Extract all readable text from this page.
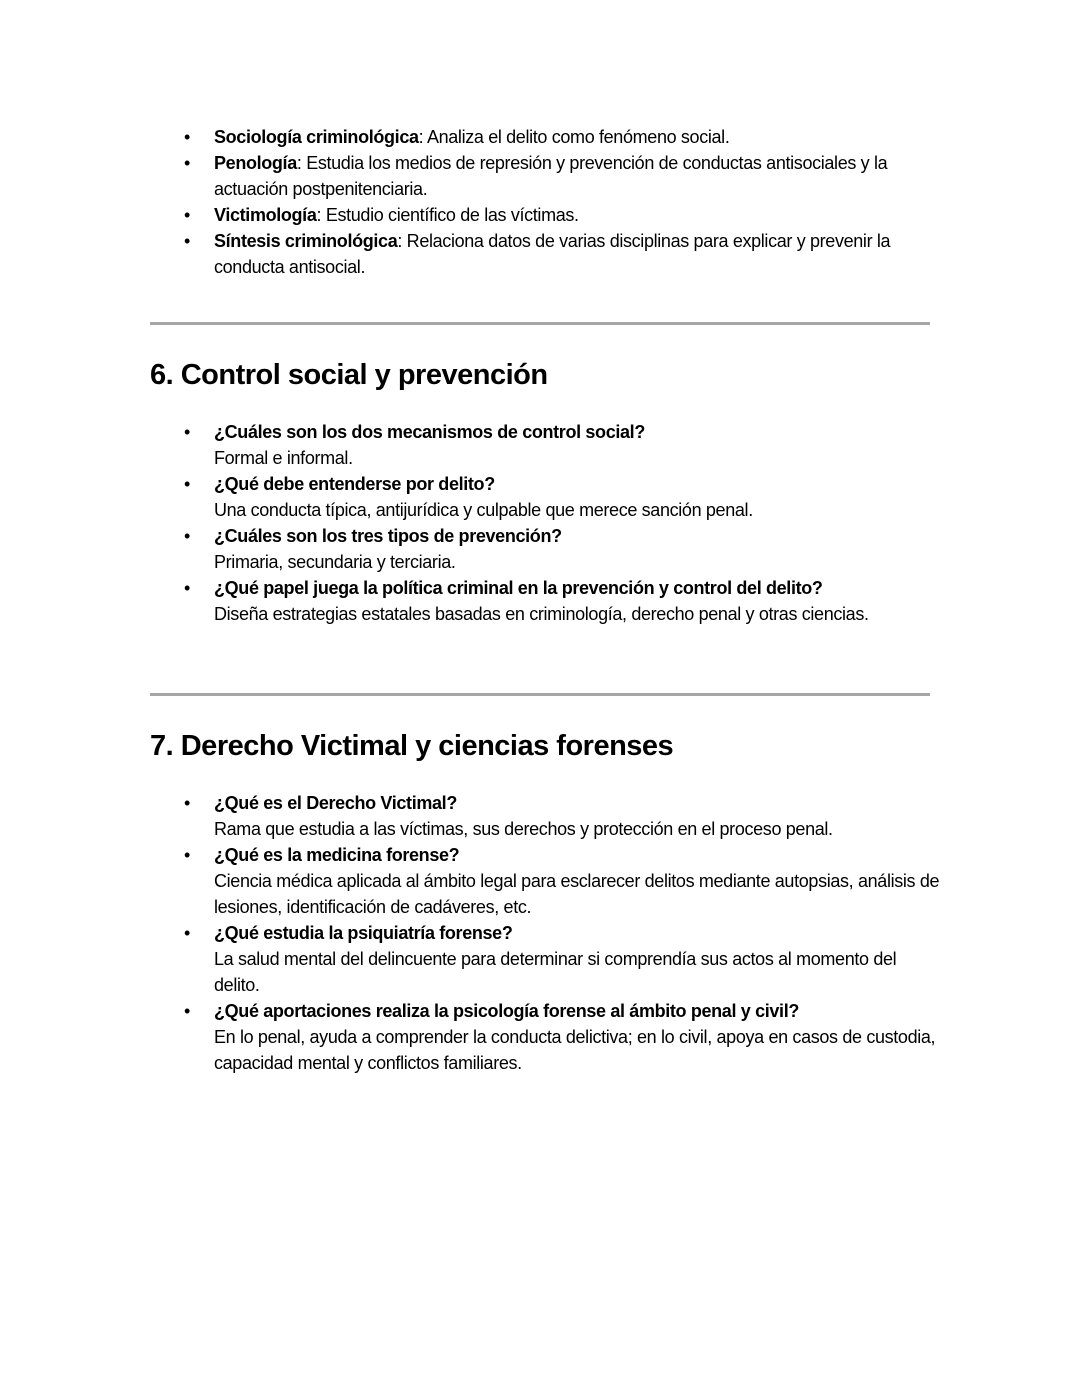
• Sociología criminológica: Analiza el delito como fenómeno social.
• Penología: Estudia los medios de represión y prevención de conductas antisociales y la actuación postpenitenciaria.
• Victimología: Estudio científico de las víctimas.
• Síntesis criminológica: Relaciona datos de varias disciplinas para explicar y prevenir la conducta antisocial.
6. Control social y prevención
• ¿Cuáles son los dos mecanismos de control social?
Formal e informal.
• ¿Qué debe entenderse por delito?
Una conducta típica, antijurídica y culpable que merece sanción penal.
• ¿Cuáles son los tres tipos de prevención?
Primaria, secundaria y terciaria.
• ¿Qué papel juega la política criminal en la prevención y control del delito?
Diseña estrategias estatales basadas en criminología, derecho penal y otras ciencias.
7. Derecho Victimal y ciencias forenses
• ¿Qué es el Derecho Victimal?
Rama que estudia a las víctimas, sus derechos y protección en el proceso penal.
• ¿Qué es la medicina forense?
Ciencia médica aplicada al ámbito legal para esclarecer delitos mediante autopsias, análisis de lesiones, identificación de cadáveres, etc.
• ¿Qué estudia la psiquiatría forense?
La salud mental del delincuente para determinar si comprendía sus actos al momento del delito.
• ¿Qué aportaciones realiza la psicología forense al ámbito penal y civil?
En lo penal, ayuda a comprender la conducta delictiva; en lo civil, apoya en casos de custodia, capacidad mental y conflictos familiares.
